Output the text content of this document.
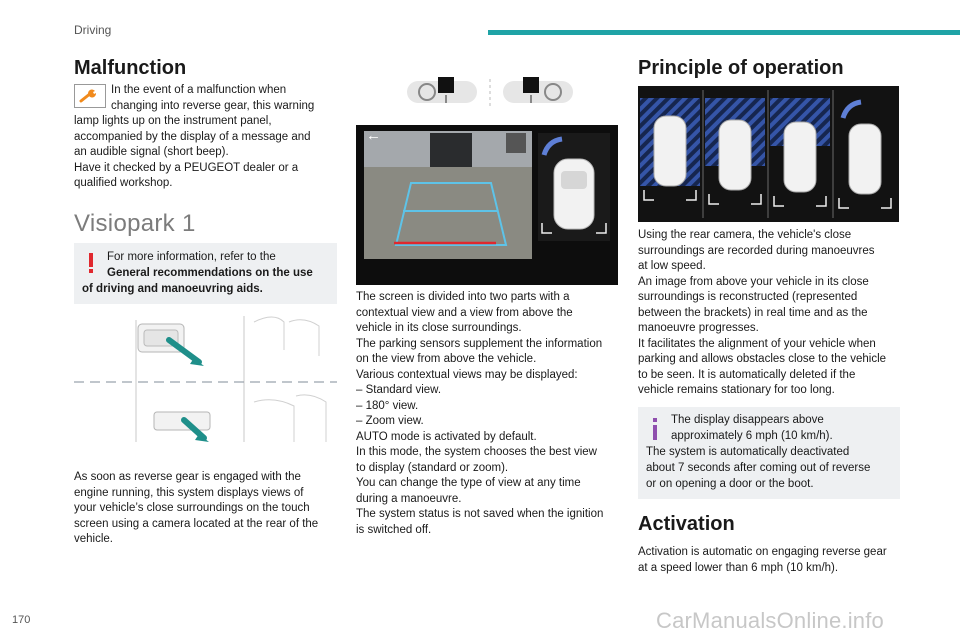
Driving
Malfunction
In the event of a malfunction when
changing into reverse gear, this warning
lamp lights up on the instrument panel,
accompanied by the display of a message and
an audible signal (short beep).
Have it checked by a PEUGEOT dealer or a
qualified workshop.
Visiopark 1
For more information, refer to the
General recommendations on the use
of driving and manoeuvring aids.
As soon as reverse gear is engaged with the
engine running, this system displays views of
your vehicle’s close surroundings on the touch
screen using a camera located at the rear of the
vehicle.
←
The screen is divided into two parts with a
contextual view and a view from above the
vehicle in its close surroundings.
The parking sensors supplement the information
on the view from above the vehicle.
Various contextual views may be displayed:
– Standard view.
– 180° view.
– Zoom view.
AUTO mode is activated by default.
In this mode, the system chooses the best view
to display (standard or zoom).
You can change the type of view at any time
during a manoeuvre.
The system status is not saved when the ignition
is switched off.
Principle of operation
Using the rear camera, the vehicle's close
surroundings are recorded during manoeuvres
at low speed.
An image from above your vehicle in its close
surroundings is reconstructed (represented
between the brackets) in real time and as the
manoeuvre progresses.
It facilitates the alignment of your vehicle when
parking and allows obstacles close to the vehicle
to be seen. It is automatically deleted if the
vehicle remains stationary for too long.
The display disappears above
approximately 6 mph (10 km/h).
The system is automatically deactivated
about 7 seconds after coming out of reverse
or on opening a door or the boot.
Activation
Activation is automatic on engaging reverse gear
at a speed lower than 6 mph (10 km/h).
170	CarManualsOnline.info
